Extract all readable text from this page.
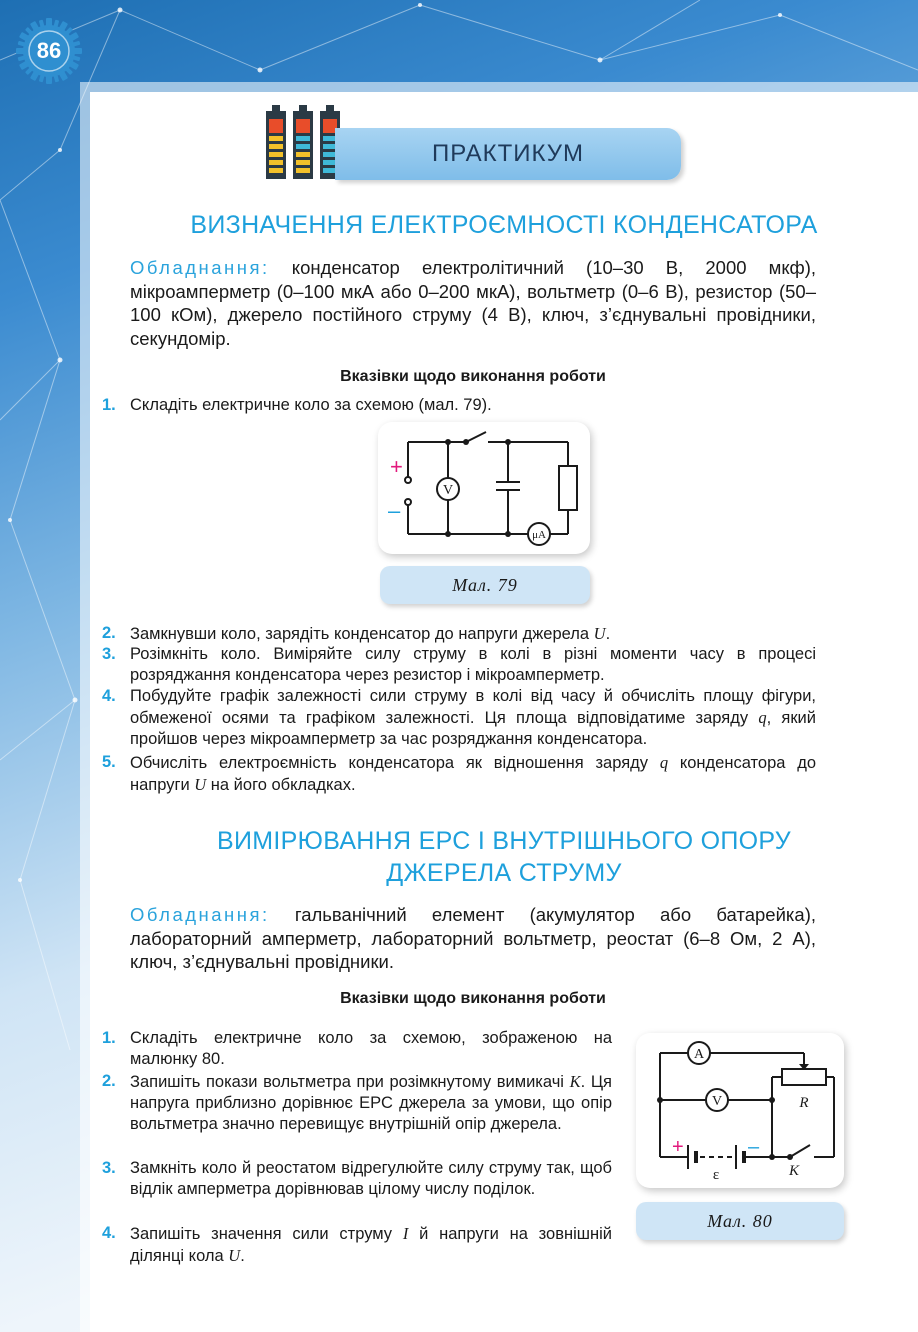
86
ПРАКТИКУМ
ВИЗНАЧЕННЯ ЕЛЕКТРОЄМНОСТІ КОНДЕНСАТОРА
Обладнання: конденсатор електролітичний (10–30 В, 2000 мкф), мікроамперметр (0–100 мкА або 0–200 мкА), вольтметр (0–6 В), резистор (50–100 кОм), джерело постійного струму (4 В), ключ, з’єднувальні провідники, секундомір.
Вказівки щодо виконання роботи
1. Складіть електричне коло за схемою (мал. 79).
V
μA
+
–
Мал. 79
2. Замкнувши коло, зарядіть конденсатор до напруги джерела U.
3. Розімкніть коло. Виміряйте силу струму в колі в різні моменти часу в процесі розряджання конденсатора через резистор і мікроамперметр.
4. Побудуйте графік залежності сили струму в колі від часу й обчисліть площу фігури, обмеженої осями та графіком залежності. Ця площа відповідатиме заряду q, який пройшов через мікроамперметр за час розряджання конденсатора.
5. Обчисліть електроємність конденсатора як відношення заряду q конденсатора до напруги U на його обкладках.
ВИМІРЮВАННЯ ЕРС І ВНУТРІШНЬОГО ОПОРУ
ДЖЕРЕЛА СТРУМУ
Обладнання: гальванічний елемент (акумулятор або батарейка), лабораторний амперметр, лабораторний вольтметр, реостат (6–8 Ом, 2 А), ключ, з’єднувальні провідники.
Вказівки щодо виконання роботи
1. Складіть електричне коло за схемою, зображеною на малюнку 80.
2. Запишіть покази вольтметра при розімкнутому вимикачі K. Ця напруга приблизно дорівнює ЕРС джерела за умови, що опір вольтметра значно перевищує внутрішній опір джерела.
3. Замкніть коло й реостатом відрегулюйте силу струму так, щоб відлік амперметра дорівнював цілому числу поділок.
4. Запишіть значення сили струму I й напруги на зовнішній ділянці кола U.
A
V	R
ε	K
+	–
Мал. 80
